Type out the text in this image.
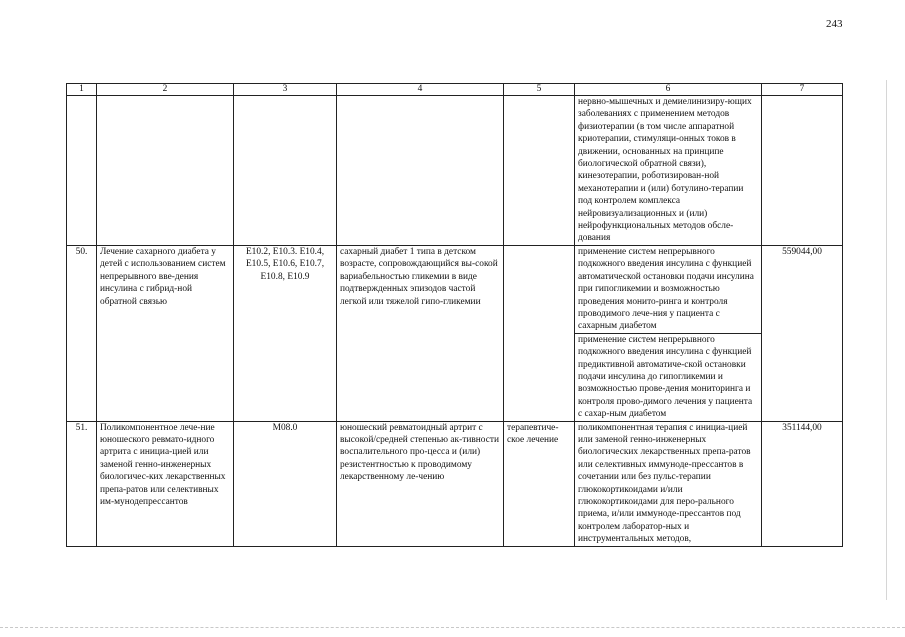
243
1	2	3	4	5	6	7
					нервно-мышечных и демиелинизиру-ющих заболеваниях с применением методов физиотерапии (в том числе аппаратной криотерапии, стимуляци-онных токов в движении, основанных на принципе биологической обратной связи), кинезотерапии, роботизирован-ной механотерапии и (или) ботулино-терапии под контролем комплекса нейровизуализационных и (или) нейрофункциональных методов обсле-дования	
50.	Лечение сахарного диабета у детей с использованием систем непрерывного вве-дения инсулина с гибрид-ной обратной связью	E10.2, E10.3. E10.4, E10.5, E10.6, E10.7, E10.8, E10.9	сахарный диабет 1 типа в детском возрасте, сопровождающийся вы-сокой вариабельностью гликемии в виде подтвержденных эпизодов частой легкой или тяжелой гипо-гликемии		применение систем непрерывного подкожного введения инсулина с функцией автоматической остановки подачи инсулина при гипогликемии и возможностью проведения монито-ринга и контроля проводимого лече-ния у пациента с сахарным диабетом	559044,00
					применение систем непрерывного подкожного введения инсулина с функцией предиктивной автоматиче-ской остановки подачи инсулина до гипогликемии и возможностью прове-дения мониторинга и контроля прово-димого лечения у пациента с сахар-ным диабетом	
51.	Поликомпонентное лече-ние юношеского ревмато-идного артрита с инициа-цией или заменой генно-инженерных биологичес-ких лекарственных препа-ратов или селективных им-мунодепрессантов	M08.0	юношеский ревматоидный артрит с высокой/средней степенью ак-тивности воспалительного про-цесса и (или) резистентностью к проводимому лекарственному ле-чению	терапевтиче-ское лечение	поликомпонентная терапия с инициа-цией или заменой генно-инженерных биологических лекарственных препа-ратов или селективных иммуноде-прессантов в сочетании или без пульс-терапии глюкокортикоидами и/или глюкокортикоидами для перо-рального приема, и/или иммуноде-прессантов под контролем лаборатор-ных и инструментальных методов,	351144,00
